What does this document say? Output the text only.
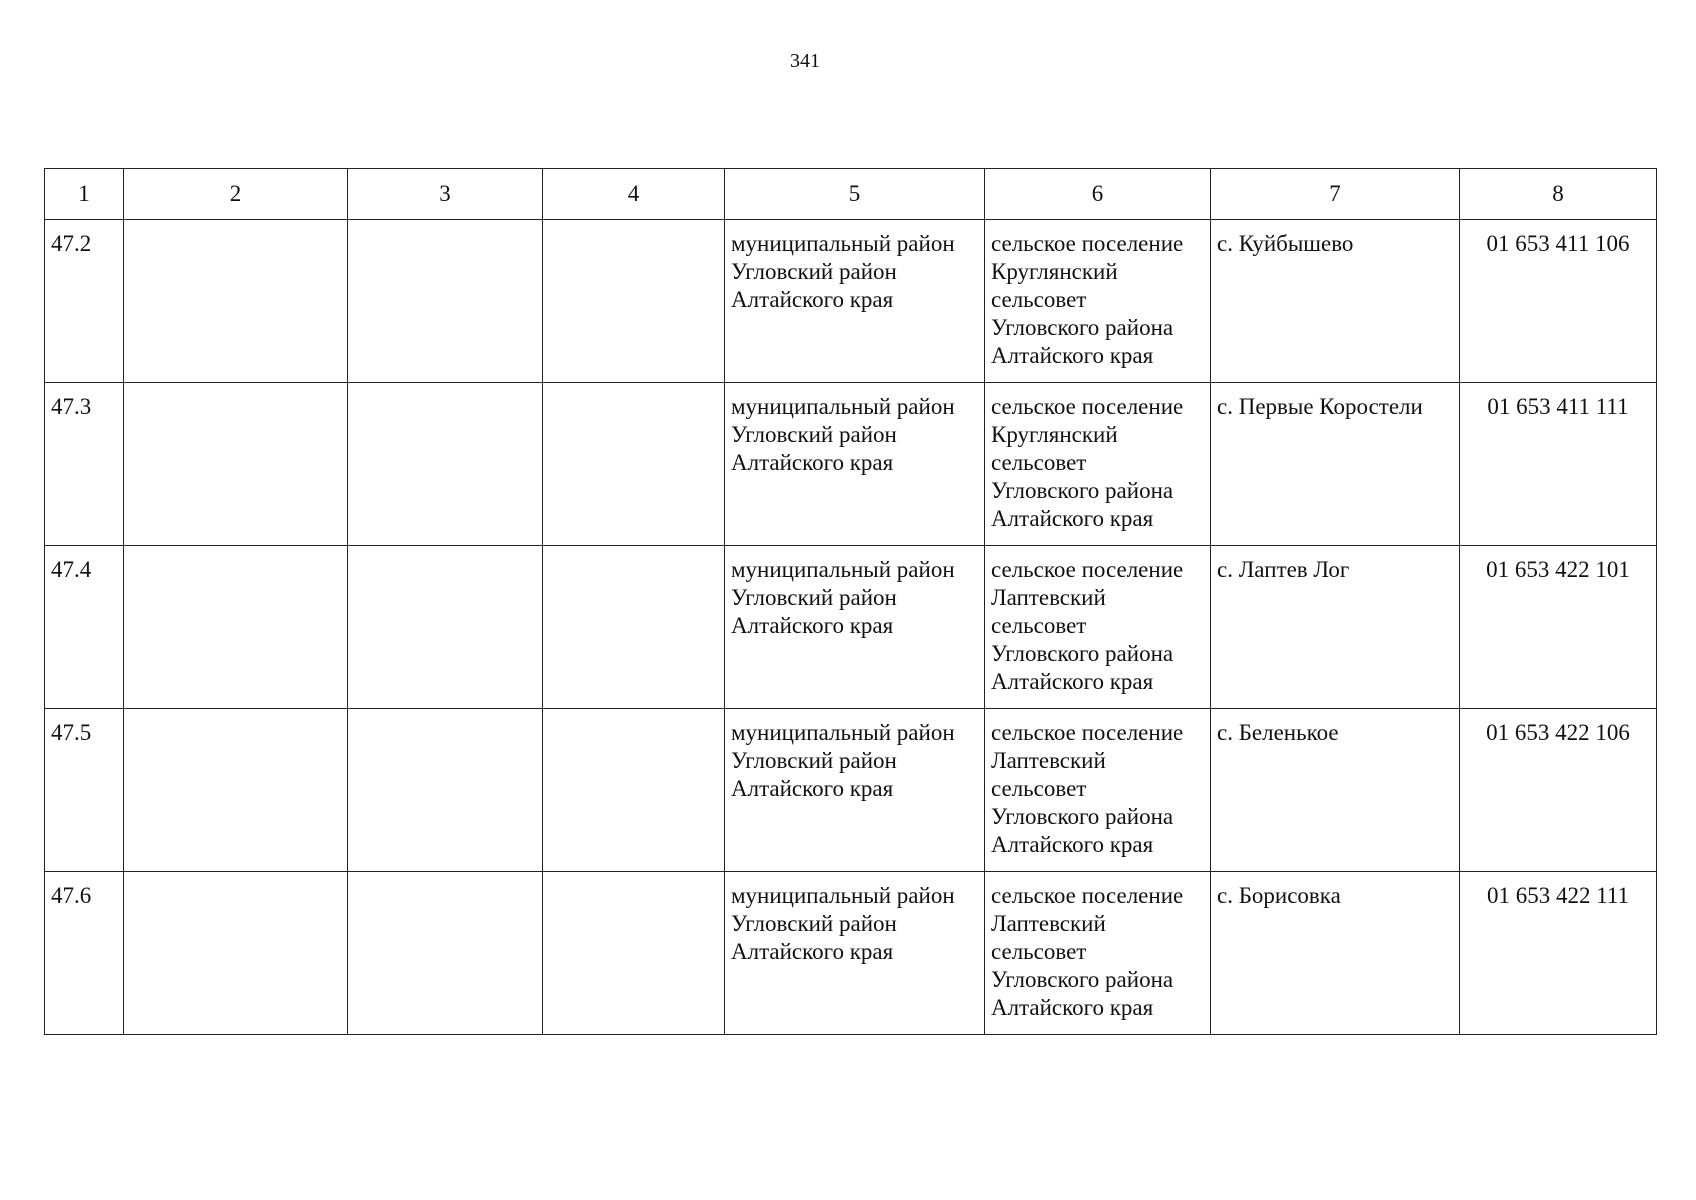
341
1	2	3	4	5	6	7	8

47.2				муниципальный район
Угловский район
Алтайского края	сельское поселение
Круглянский
сельсовет
Угловского района
Алтайского края	с. Куйбышево	01 653 411 106

47.3				муниципальный район
Угловский район
Алтайского края	сельское поселение
Круглянский
сельсовет
Угловского района
Алтайского края	с. Первые Коростели	01 653 411 111

47.4				муниципальный район
Угловский район
Алтайского края	сельское поселение
Лаптевский
сельсовет
Угловского района
Алтайского края	с. Лаптев Лог	01 653 422 101

47.5				муниципальный район
Угловский район
Алтайского края	сельское поселение
Лаптевский
сельсовет
Угловского района
Алтайского края	с. Беленькое	01 653 422 106

47.6				муниципальный район
Угловский район
Алтайского края	сельское поселение
Лаптевский
сельсовет
Угловского района
Алтайского края	с. Борисовка	01 653 422 111
